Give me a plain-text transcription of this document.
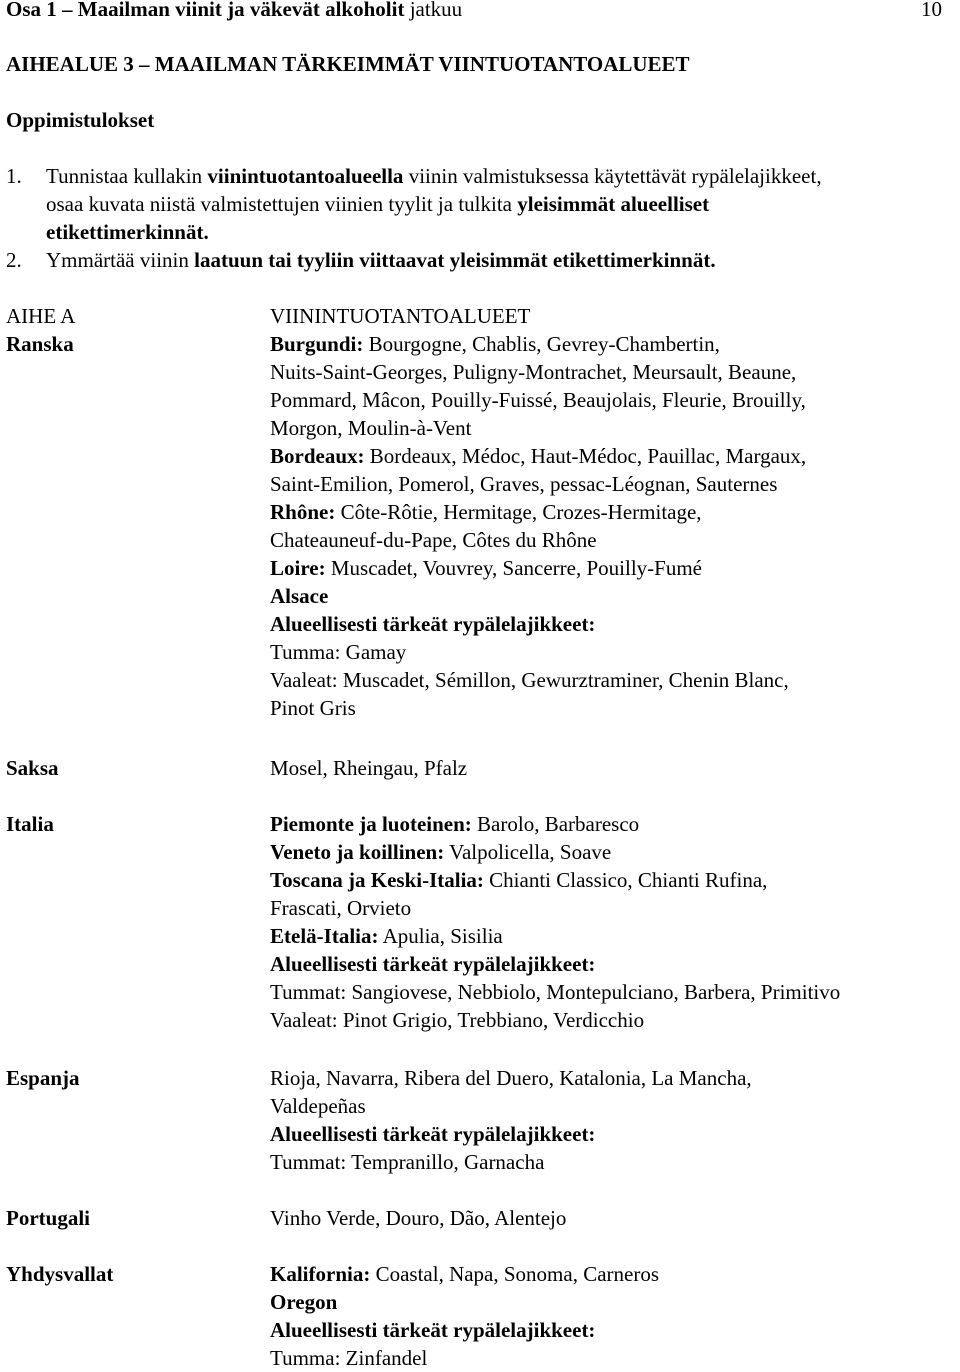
Osa 1 – Maailman viinit ja väkevät alkoholit jatkuu	10
AIHEALUE 3 – MAAILMAN TÄRKEIMMÄT VIINTUOTANTOALUEET
Oppimistulokset
1. Tunnistaa kullakin viinintuotantoalueella viinin valmistuksessa käytettävät rypälelajikkeet,
osaa kuvata niistä valmistettujen viinien tyylit ja tulkita yleisimmät alueelliset
etikettimerkinnät.
2. Ymmärtää viinin laatuun tai tyyliin viittaavat yleisimmät etikettimerkinnät.
AIHE A
Ranska
Saksa
Italia
Espanja
Portugali
Yhdysvallat
VIININTUOTANTOALUEET
Burgundi: Bourgogne, Chablis, Gevrey-Chambertin,
Nuits-Saint-Georges, Puligny-Montrachet, Meursault, Beaune,
Pommard, Mâcon, Pouilly-Fuissé, Beaujolais, Fleurie, Brouilly,
Morgon, Moulin-à-Vent
Bordeaux: Bordeaux, Médoc, Haut-Médoc, Pauillac, Margaux,
Saint-Emilion, Pomerol, Graves, pessac-Léognan, Sauternes
Rhône: Côte-Rôtie, Hermitage, Crozes-Hermitage,
Chateauneuf-du-Pape, Côtes du Rhône
Loire: Muscadet, Vouvrey, Sancerre, Pouilly-Fumé
Alsace
Alueellisesti tärkeät rypälelajikkeet:
Tumma: Gamay
Vaaleat: Muscadet, Sémillon, Gewurztraminer, Chenin Blanc,
Pinot Gris
Mosel, Rheingau, Pfalz
Piemonte ja luoteinen: Barolo, Barbaresco
Veneto ja koillinen: Valpolicella, Soave
Toscana ja Keski-Italia: Chianti Classico, Chianti Rufina,
Frascati, Orvieto
Etelä-Italia: Apulia, Sisilia
Alueellisesti tärkeät rypälelajikkeet:
Tummat: Sangiovese, Nebbiolo, Montepulciano, Barbera, Primitivo
Vaaleat: Pinot Grigio, Trebbiano, Verdicchio
Rioja, Navarra, Ribera del Duero, Katalonia, La Mancha,
Valdepeñas
Alueellisesti tärkeät rypälelajikkeet:
Tummat: Tempranillo, Garnacha
Vinho Verde, Douro, Dão, Alentejo
Kalifornia: Coastal, Napa, Sonoma, Carneros
Oregon
Alueellisesti tärkeät rypälelajikkeet:
Tumma: Zinfandel
